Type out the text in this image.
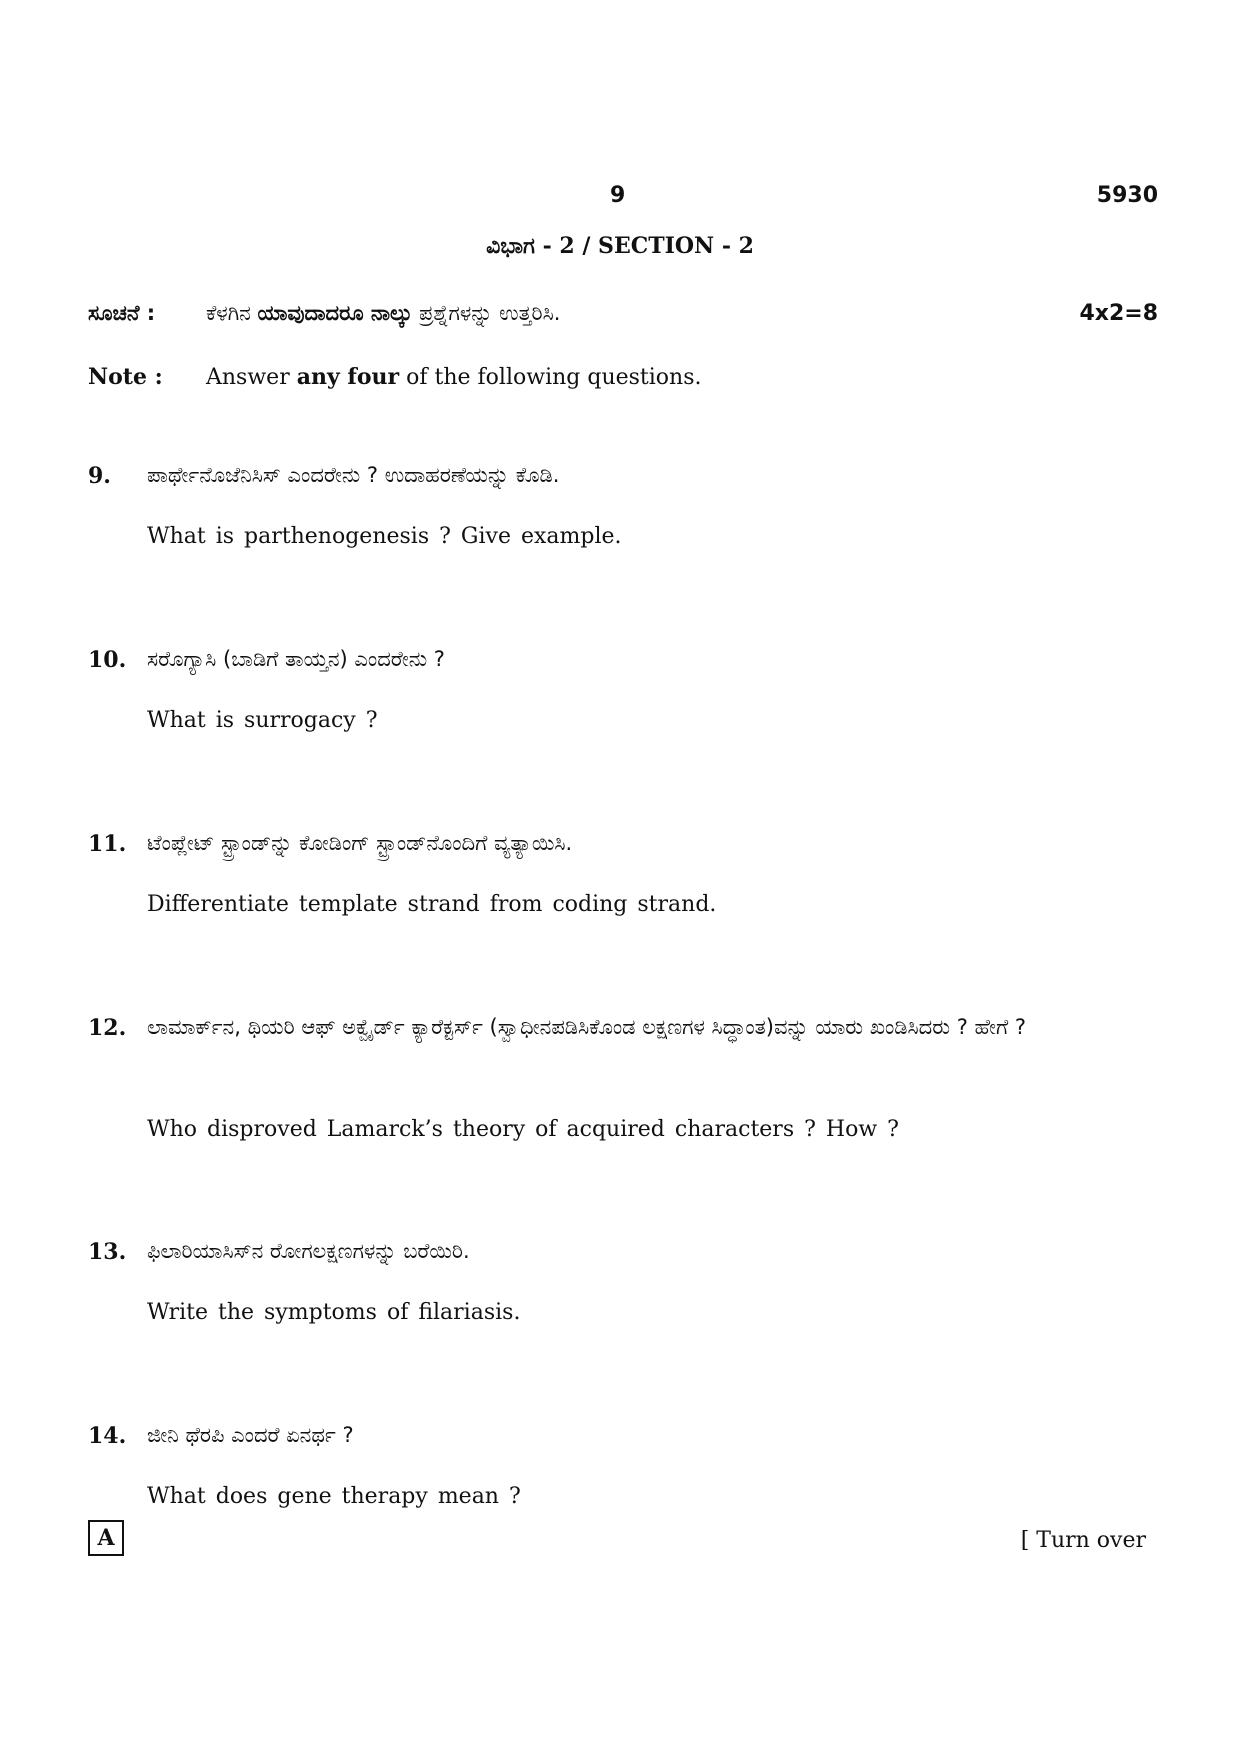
9	5930
ವಿಭಾಗ - 2 / SECTION - 2
ಸೂಚನೆ : ಕೆಳಗಿನ ಯಾವುದಾದರೂ ನಾಲ್ಕು ಪ್ರಶ್ನೆಗಳನ್ನು ಉತ್ತರಿಸಿ.	4x2=8
Note : Answer any four of the following questions.
9. ಪಾರ್ಥೇನೊಜೆನಿಸಿಸ್ ಎಂದರೇನು ? ಉದಾಹರಣೆಯನ್ನು ಕೊಡಿ.
What is parthenogenesis ? Give example.
10. ಸರೊಗ್ಯಾಸಿ (ಬಾಡಿಗೆ ತಾಯ್ತನ) ಎಂದರೇನು ?
What is surrogacy ?
11. ಟೆಂಪ್ಲೇಟ್ ಸ್ಟ್ರಾಂಡ್‌ನ್ನು ಕೋಡಿಂಗ್ ಸ್ಟ್ರಾಂಡ್‌ನೊಂದಿಗೆ ವ್ಯತ್ಯಾಯಿಸಿ.
Differentiate template strand from coding strand.
12. ಲಾಮಾರ್ಕ್‌ನ, ಥಿಯರಿ ಆಫ್ ಅಕ್ವೈರ್ಡ್ ಕ್ಯಾರೆಕ್ಟರ್ಸ್ (ಸ್ವಾಧೀನಪಡಿಸಿಕೊಂಡ ಲಕ್ಷಣಗಳ ಸಿದ್ಧಾಂತ)ವನ್ನು ಯಾರು ಖಂಡಿಸಿದರು ? ಹೇಗೆ ?
Who disproved Lamarck’s theory of acquired characters ? How ?
13. ಫಿಲಾರಿಯಾಸಿಸ್‌ನ ರೋಗಲಕ್ಷಣಗಳನ್ನು ಬರೆಯಿರಿ.
Write the symptoms of filariasis.
14. ಜೀನಿ ಥೆರಪಿ ಎಂದರೆ ಏನರ್ಥ ?
What does gene therapy mean ?
A	[ Turn over
